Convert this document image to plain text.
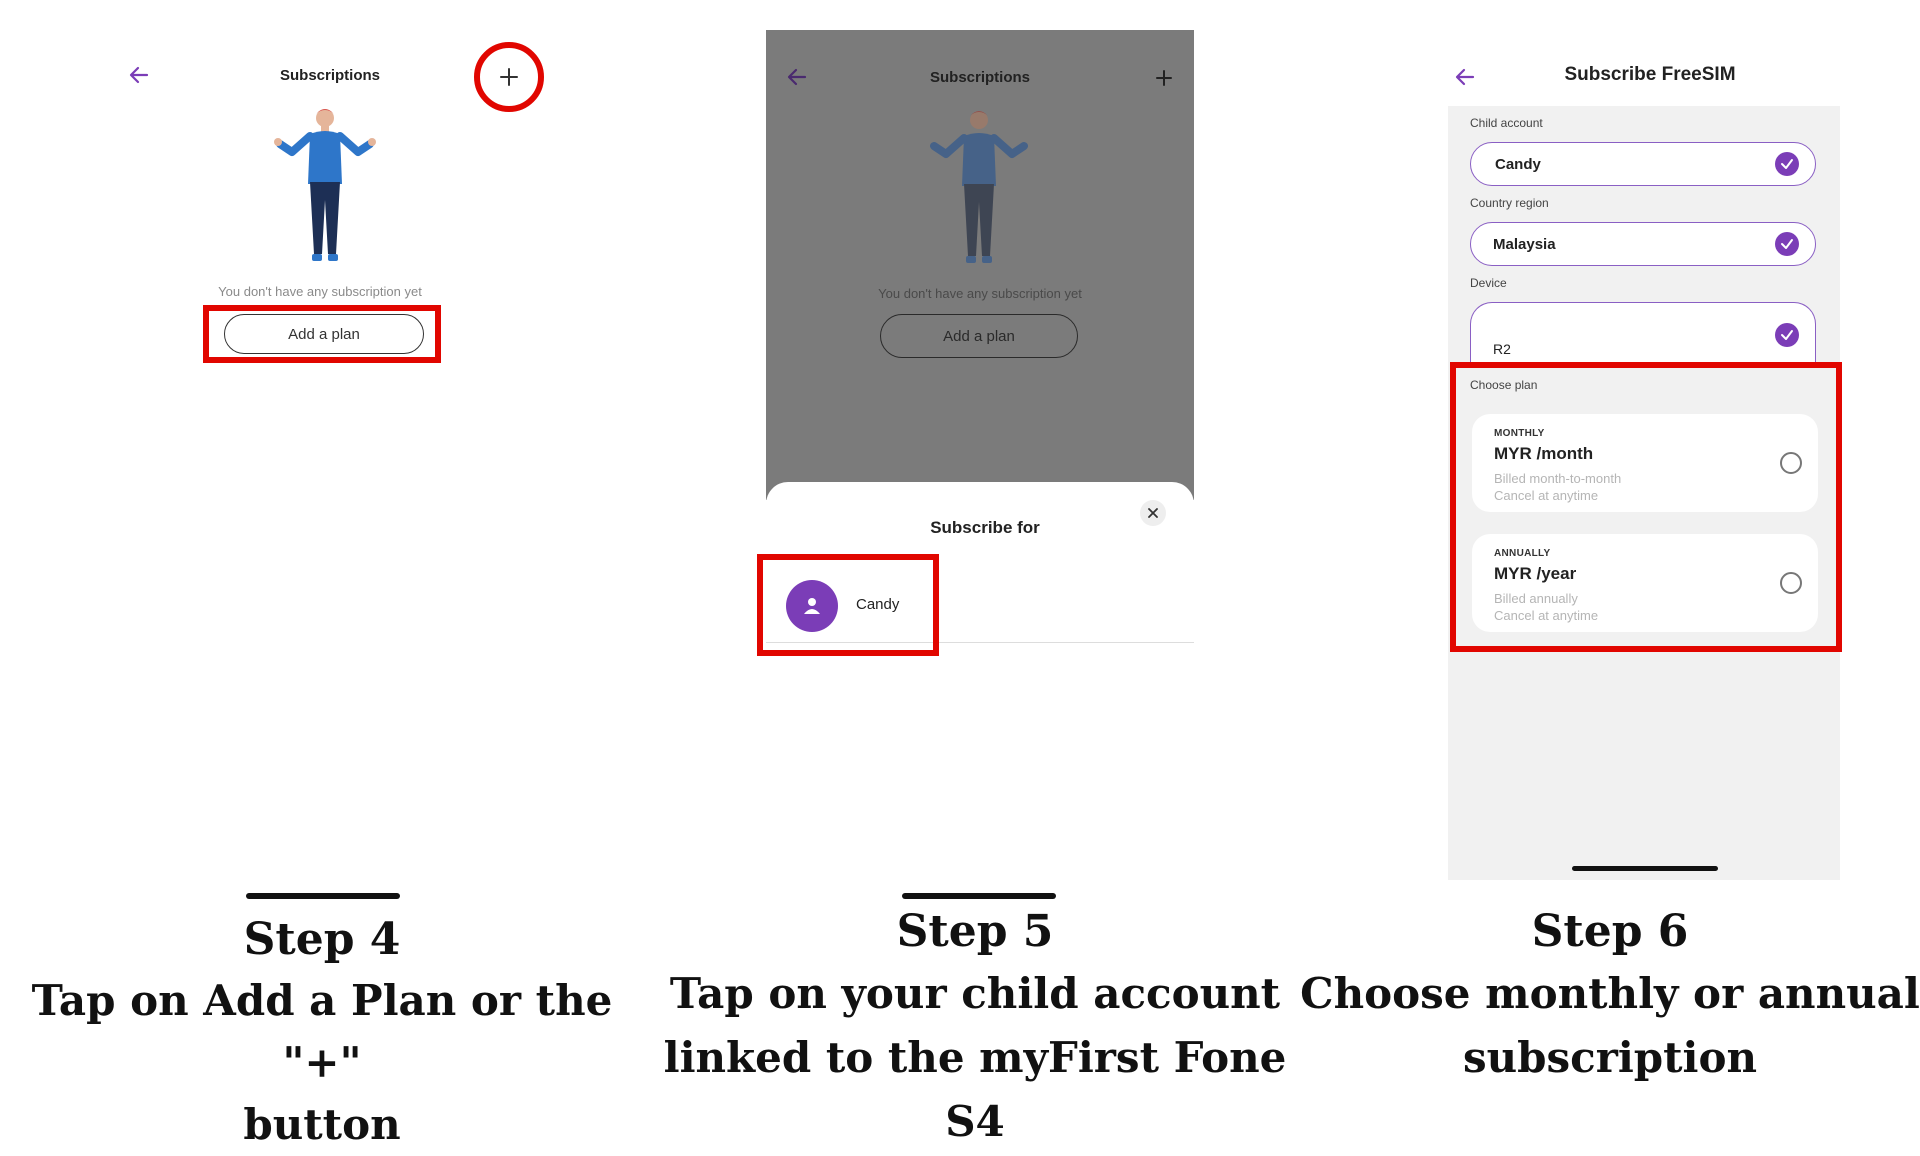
Subscriptions
You don't have any subscription yet
Add a plan
Subscriptions
You don't have any subscription yet
Add a plan
Subscribe for
Candy
Subscribe FreeSIM
Child account
Candy
Country region
Malaysia
Device
R2
Choose plan
MONTHLY
MYR /month
Billed month-to-month
Cancel at anytime
ANNUALLY
MYR /year
Billed annually
Cancel at anytime
Step 4
Tap on Add a Plan or the "+"
button
Step 5
Tap on your child account
linked to the myFirst Fone S4
Step 6
Choose monthly or annual
subscription
